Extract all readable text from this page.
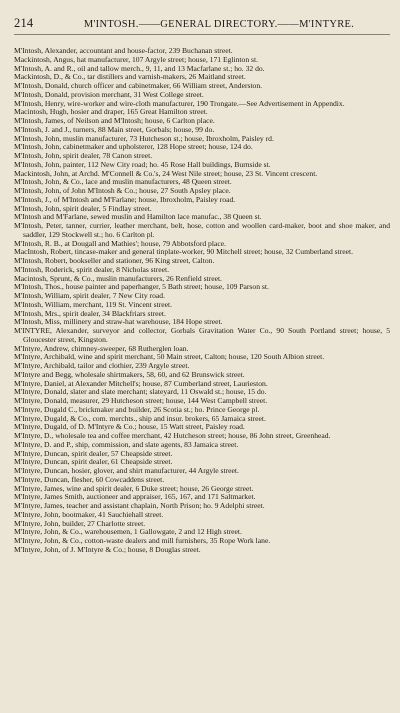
214	M'INTOSH.——GENERAL DIRECTORY.——M'INTYRE.

M'Intosh, Alexander, accountant and house-factor, 239 Buchanan street.

Mackintosh, Angus, hat manufacturer, 107 Argyle street; house, 171 Eglinton st.

M'Intosh, A. and R., oil and tallow merch., 9, 11, and 13 Macfarlane st.; ho. 32 do.

Mackintosh, D., & Co., tar distillers and varnish-makers, 26 Maitland street.

M'Intosh, Donald, church officer and cabinetmaker, 66 William street, Anderston.

M'Intosh, Donald, provision merchant, 31 West College street.

M'Intosh, Henry, wire-worker and wire-cloth manufacturer, 190 Trongate.—See Advertisement in Appendix.

Macintosh, Hugh, hosier and draper, 165 Great Hamilton street.

M'Intosh, James, of Neilson and M'Intosh; house, 6 Carlton place.

M'Intosh, J. and J., turners, 88 Main street, Gorbals; house, 99 do.

M'Intosh, John, muslin manufacturer, 73 Hutcheson st.; house, Ibroxholm, Paisley rd.

M'Intosh, John, cabinetmaker and upholsterer, 128 Hope street; house, 124 do.

M'Intosh, John, spirit dealer, 78 Canon street.

M'Intosh, John, painter, 112 New City road; ho. 45 Rose Hall buildings, Burnside st.

Mackintosh, John, at Archd. M'Connell & Co.'s, 24 West Nile street; house, 23 St. Vincent crescent.

M'Intosh, John, & Co., lace and muslin manufacturers, 48 Queen street.

M'Intosh, John, of John M'Intosh & Co.; house, 27 South Apsley place.

M'Intosh, J., of M'Intosh and M'Farlane; house, Ibroxholm, Paisley road.

M'Intosh, John, spirit dealer, 5 Findlay street.

M'Intosh and M'Farlane, sewed muslin and Hamilton lace manufac., 38 Queen st.

M'Intosh, Peter, tanner, currier, leather merchant, belt, hose, cotton and woollen card-maker, boot and shoe maker, and saddler, 129 Stockwell st.; ho. 6 Carlton pl.

M'Intosh, R. B., at Dougall and Mathies'; house, 79 Abbotsford place.

MacIntosh, Robert, tincase-maker and general tinplate-worker, 90 Mitchell street; house, 32 Cumberland street.

M'Intosh, Robert, bookseller and stationer, 96 King street, Calton.

M'Intosh, Roderick, spirit dealer, 8 Nicholas street.

Macintosh, Sprunt, & Co., muslin manufacturers, 26 Renfield street.

M'Intosh, Thos., house painter and paperhanger, 5 Bath street; house, 109 Parson st.

M'Intosh, William, spirit dealer, 7 New City road.

M'Intosh, William, merchant, 119 St. Vincent street.

M'Intosh, Mrs., spirit dealer, 34 Blackfriars street.

M'Intosh, Miss, millinery and straw-hat warehouse, 184 Hope street.

M'INTYRE, Alexander, surveyor and collector, Gorbals Gravitation Water Co., 90 South Portland street; house, 5 Gloucester street, Kingston.

M'Intyre, Andrew, chimney-sweeper, 68 Rutherglen loan.

M'Intyre, Archibald, wine and spirit merchant, 50 Main street, Calton; house, 120 South Albion street.

M'Intyre, Archibald, tailor and clothier, 239 Argyle street.

M'Intyre and Begg, wholesale shirtmakers, 58, 60, and 62 Brunswick street.

M'Intyre, Daniel, at Alexander Mitchell's; house, 87 Cumberland street, Laurieston.

M'Intyre, Donald, slater and slate merchant; slateyard, 11 Oswald st.; house, 15 do.

M'Intyre, Donald, measurer, 29 Hutcheson street; house, 144 West Campbell street.

M'Intyre, Dugald C., brickmaker and builder, 26 Scotia st.; ho. Prince George pl.

M'Intyre, Dugald, & Co., com. merchts., ship and insur. brokers, 65 Jamaica street.

M'Intyre, Dugald, of D. M'Intyre & Co.; house, 15 Watt street, Paisley road.

M'Intyre, D., wholesale tea and coffee merchant, 42 Hutcheson street; house, 86 John street, Greenhead.

M'Intyre, D. and P., ship, commission, and slate agents, 83 Jamaica street.

M'Intyre, Duncan, spirit dealer, 57 Cheapside street.

M'Intyre, Duncan, spirit dealer, 61 Cheapside street.

M'Intyre, Duncan, hosier, glover, and shirt manufacturer, 44 Argyle street.

M'Intyre, Duncan, flesher, 60 Cowcaddens street.

M'Intyre, James, wine and spirit dealer, 6 Duke street; house, 26 George street.

M'Intyre, James Smith, auctioneer and appraiser, 165, 167, and 171 Saltmarket.

M'Intyre, James, teacher and assistant chaplain, North Prison; ho. 9 Adelphi street.

M'Intyre, John, bootmaker, 41 Sauchiehall street.

M'Intyre, John, builder, 27 Charlotte street.

M'Intyre, John, & Co., warehousemen, 1 Gallowgate, 2 and 12 High street.

M'Intyre, John, & Co., cotton-waste dealers and mill furnishers, 35 Rope Work lane.

M'Intyre, John, of J. M'Intyre & Co.; house, 8 Douglas street.
